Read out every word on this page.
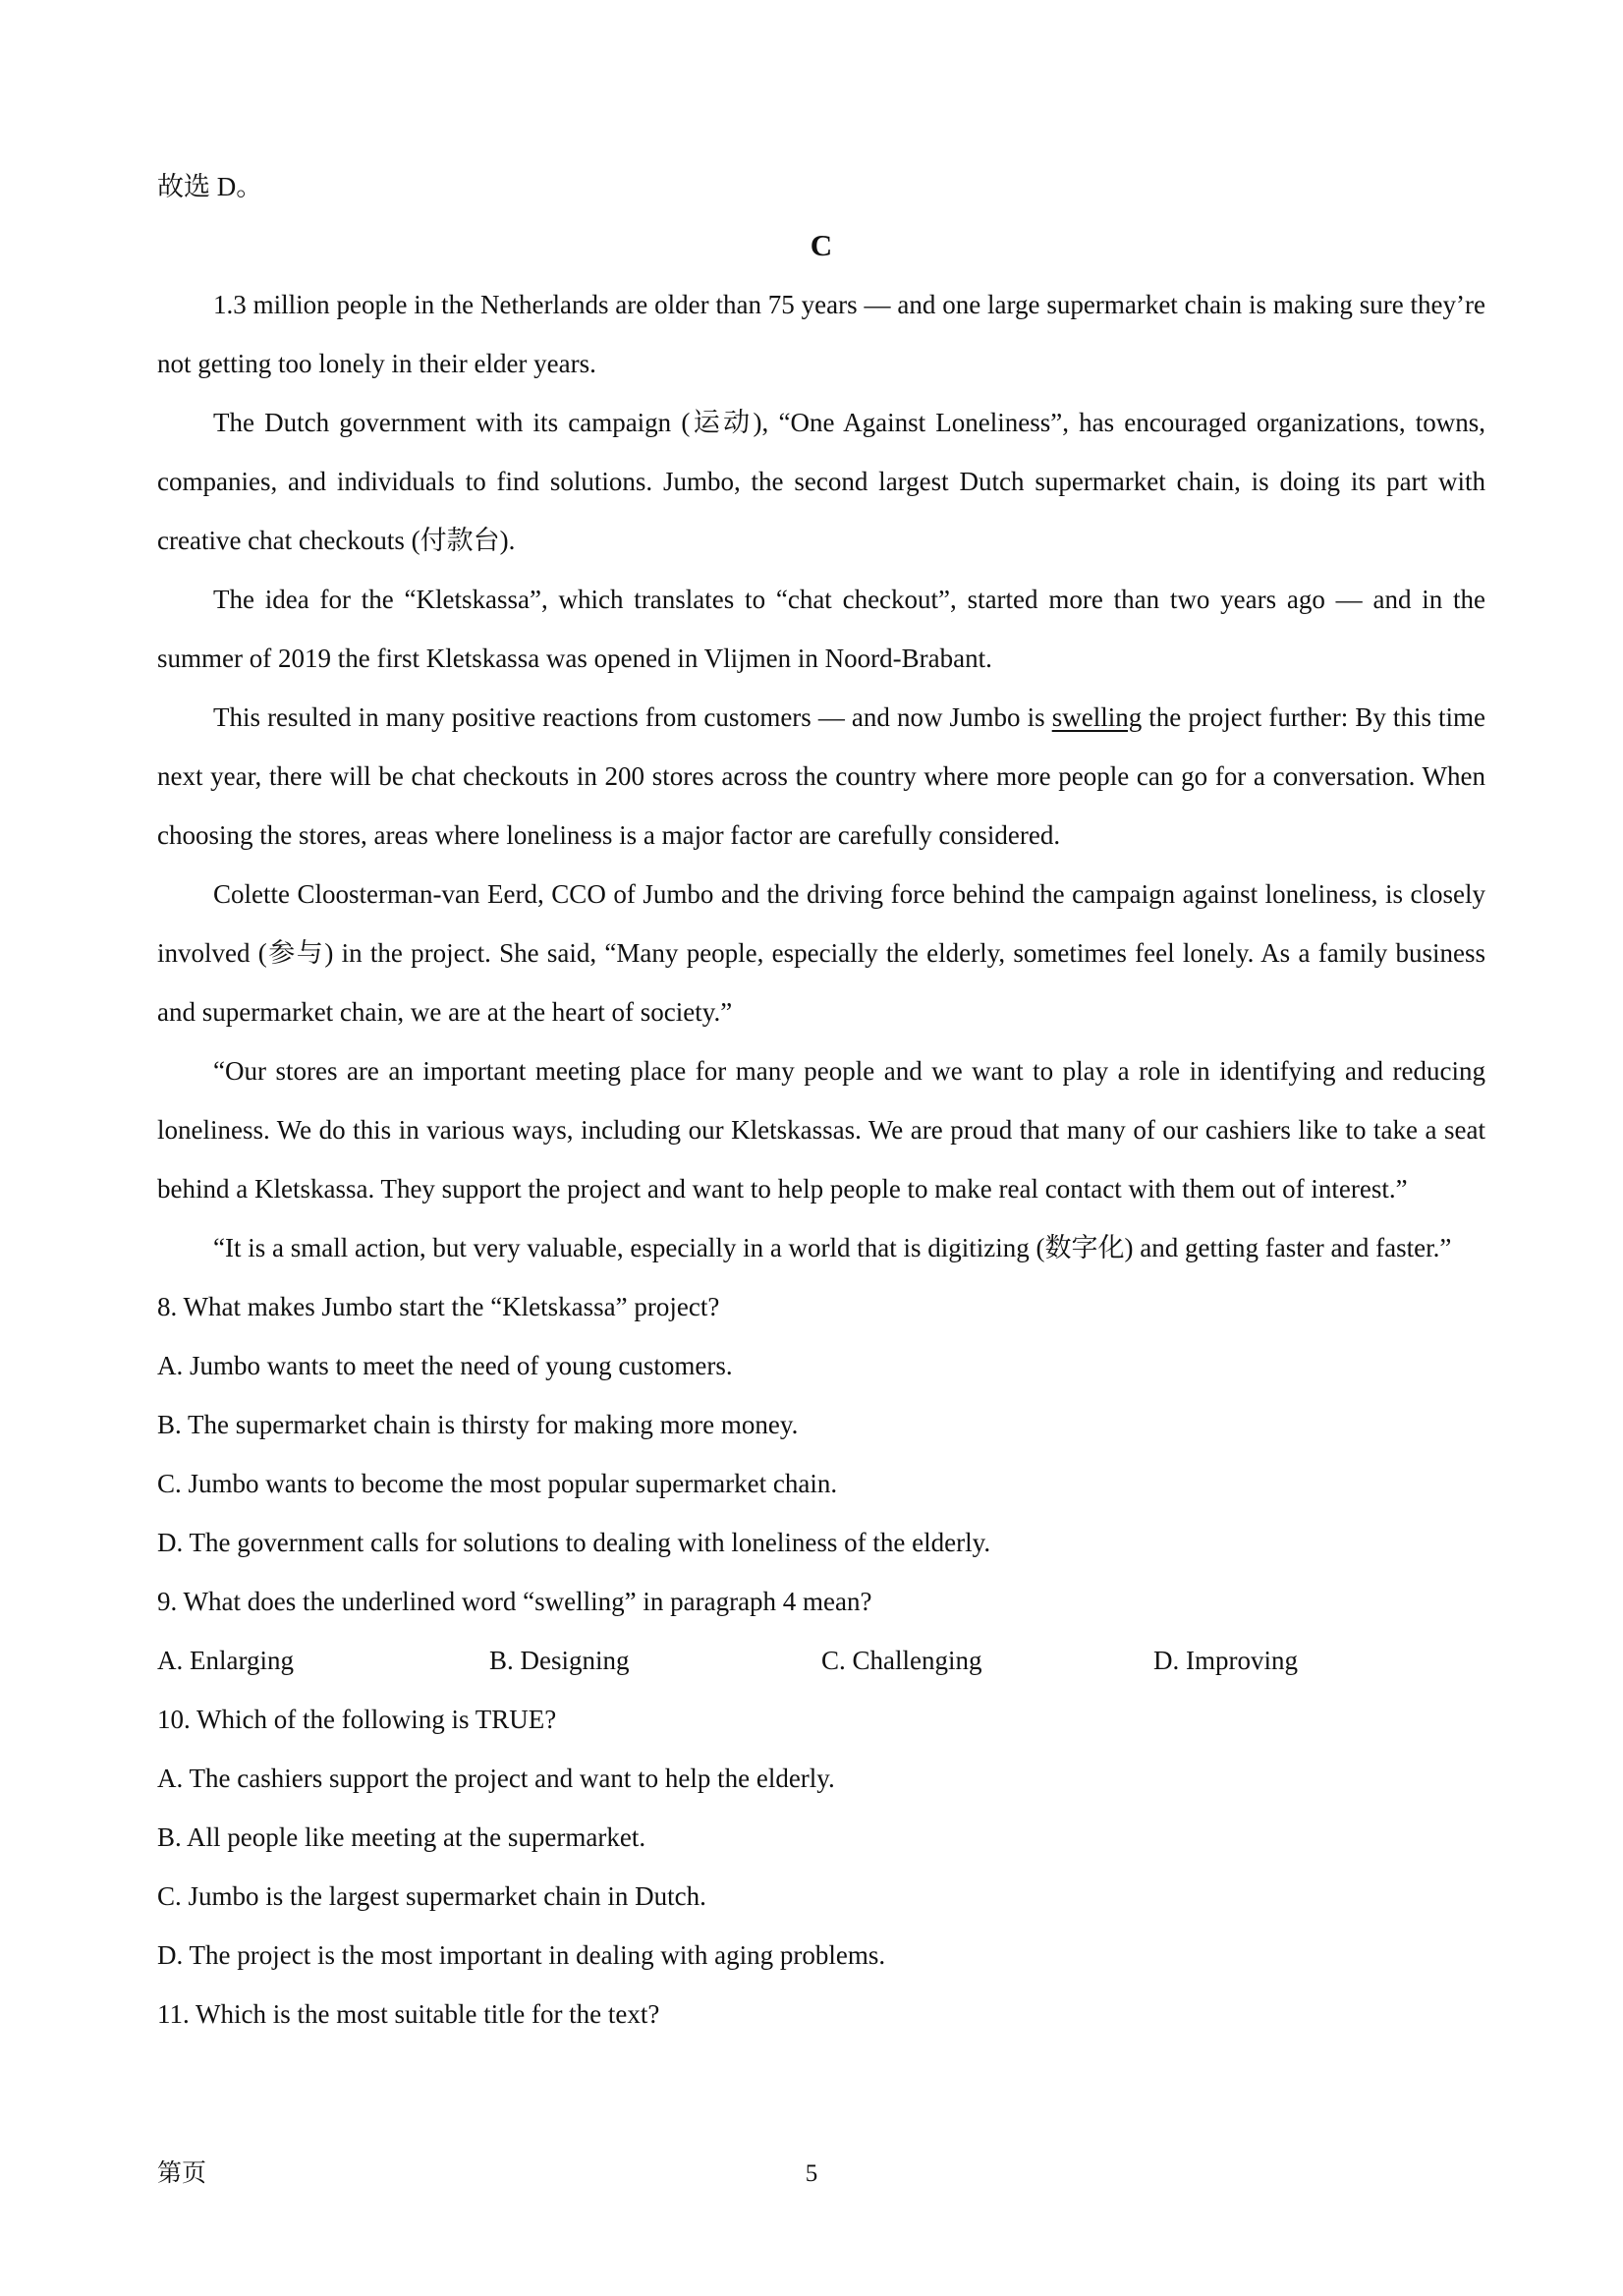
故选 D。
C

1.3 million people in the Netherlands are older than 75 years — and one large supermarket chain is making sure they’re not getting too lonely in their elder years.

The Dutch government with its campaign (运动), “One Against Loneliness”, has encouraged organizations, towns, companies, and individuals to find solutions. Jumbo, the second largest Dutch supermarket chain, is doing its part with creative chat checkouts (付款台).

The idea for the “Kletskassa”, which translates to “chat checkout”, started more than two years ago — and in the summer of 2019 the first Kletskassa was opened in Vlijmen in Noord-Brabant.

This resulted in many positive reactions from customers — and now Jumbo is swelling the project further: By this time next year, there will be chat checkouts in 200 stores across the country where more people can go for a conversation. When choosing the stores, areas where loneliness is a major factor are carefully considered.

Colette Cloosterman-van Eerd, CCO of Jumbo and the driving force behind the campaign against loneliness, is closely involved (参与) in the project. She said, “Many people, especially the elderly, sometimes feel lonely. As a family business and supermarket chain, we are at the heart of society.”

“Our stores are an important meeting place for many people and we want to play a role in identifying and reducing loneliness. We do this in various ways, including our Kletskassas. We are proud that many of our cashiers like to take a seat behind a Kletskassa. They support the project and want to help people to make real contact with them out of interest.”

“It is a small action, but very valuable, especially in a world that is digitizing (数字化) and getting faster and faster.”

8. What makes Jumbo start the “Kletskassa” project?
A. Jumbo wants to meet the need of young customers.
B. The supermarket chain is thirsty for making more money.
C. Jumbo wants to become the most popular supermarket chain.
D. The government calls for solutions to dealing with loneliness of the elderly.
9. What does the underlined word “swelling” in paragraph 4 mean?
A. Enlarging	B. Designing	C. Challenging	D. Improving
10. Which of the following is TRUE?
A. The cashiers support the project and want to help the elderly.
B. All people like meeting at the supermarket.
C. Jumbo is the largest supermarket chain in Dutch.
D. The project is the most important in dealing with aging problems.
11. Which is the most suitable title for the text?
第页	5
